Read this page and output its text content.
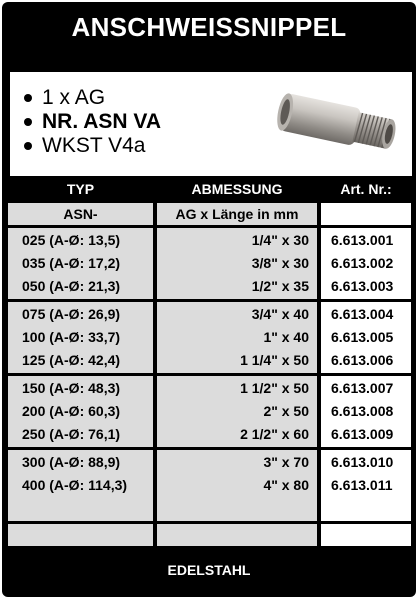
ANSCHWEISSNIPPEL
1 x AG
NR. ASN VA
WKST V4a
TYP	ABMESSUNG	Art. Nr.:
ASN-	AG x Länge in mm
025 (A-Ø: 13,5)	1/4" x 30 6.613.001
035 (A-Ø: 17,2)	3/8" x 30 6.613.002
050 (A-Ø: 21,3)	1/2" x 35 6.613.003
075 (A-Ø: 26,9)	3/4" x 40 6.613.004
100 (A-Ø: 33,7)	1" x 40 6.613.005
125 (A-Ø: 42,4)	1 1/4" x 50 6.613.006
150 (A-Ø: 48,3)	1 1/2" x 50 6.613.007
200 (A-Ø: 60,3)	2" x 50 6.613.008
250 (A-Ø: 76,1)	2 1/2" x 60 6.613.009
300 (A-Ø: 88,9)	3" x 70 6.613.010
400 (A-Ø: 114,3)	4" x 80 6.613.011
EDELSTAHL
